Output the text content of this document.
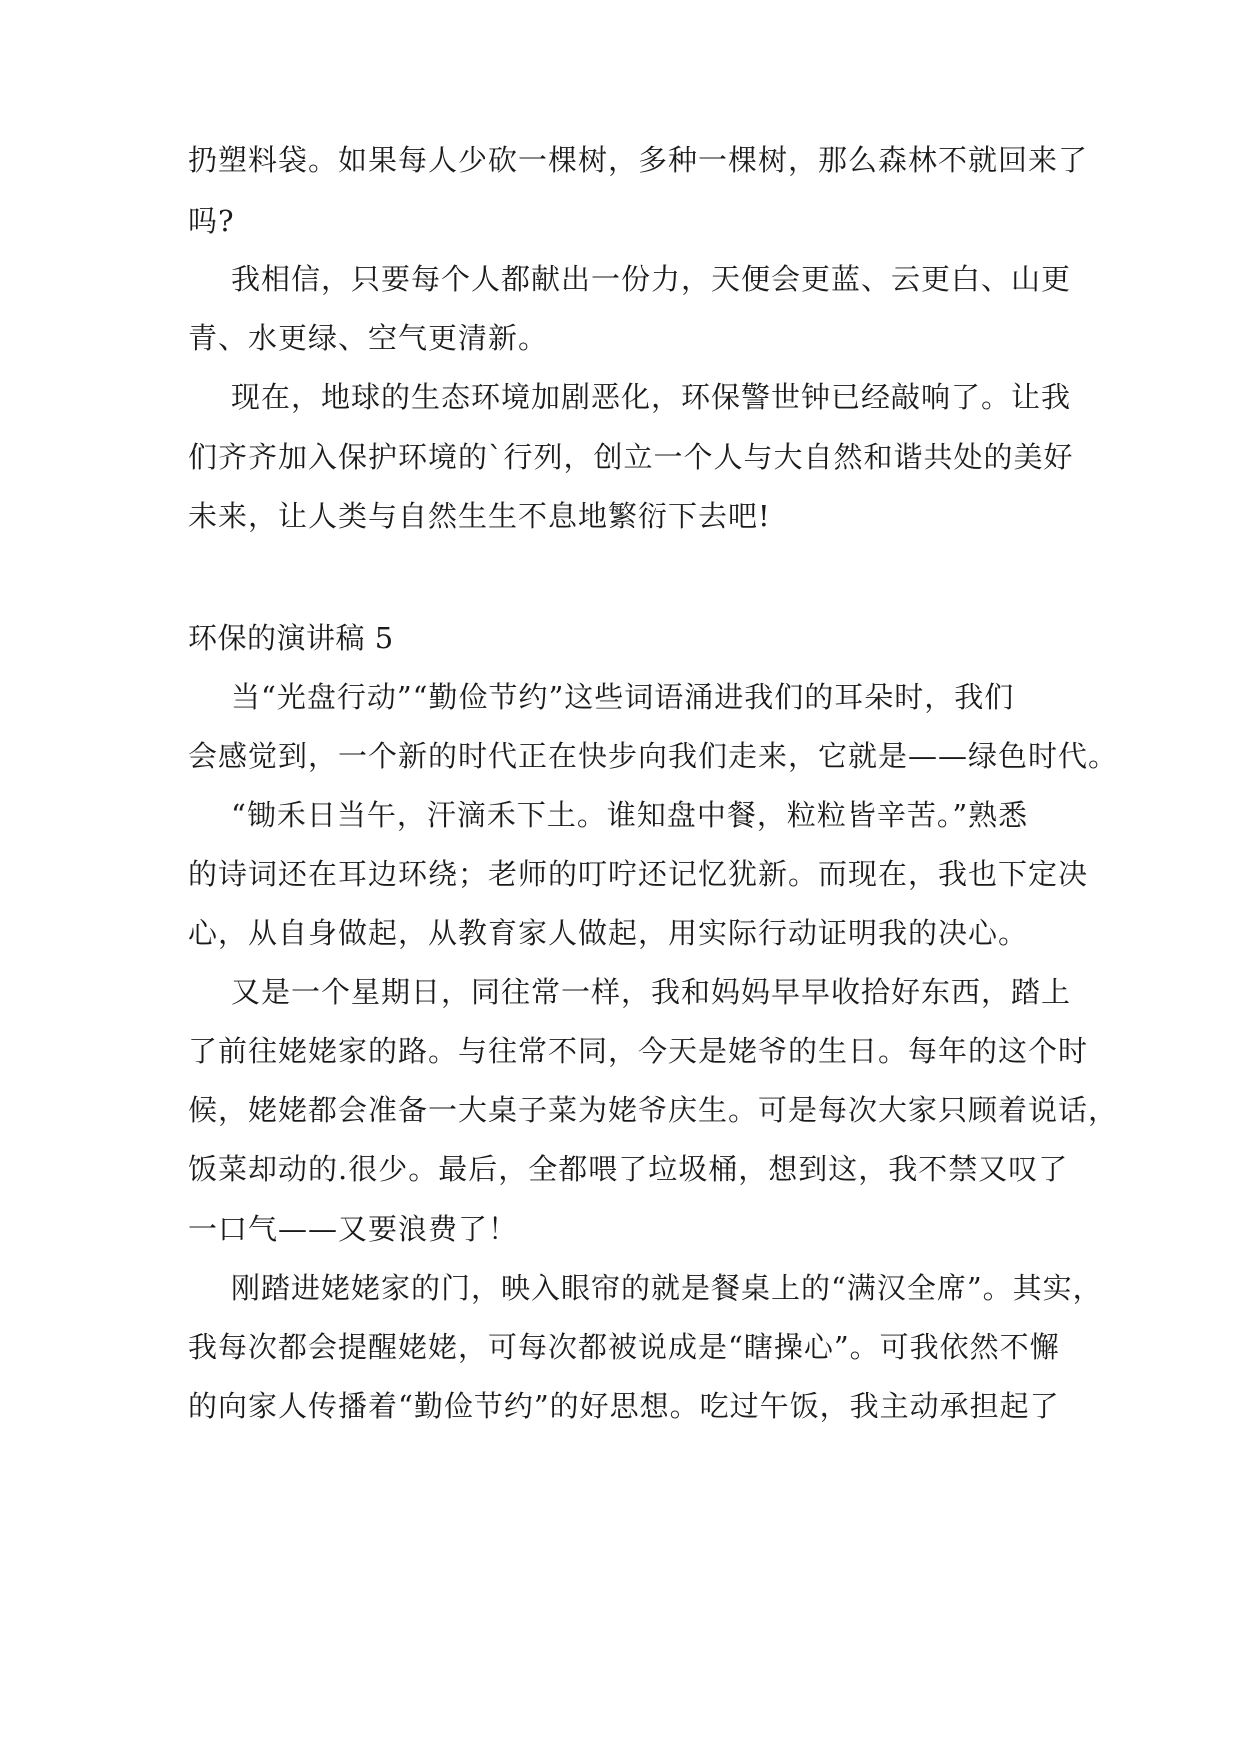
扔塑料袋。如果每人少砍一棵树，多种一棵树，那么森林不就回来了
吗?
我相信，只要每个人都献出一份力，天便会更蓝、云更白、山更
青、水更绿、空气更清新。
现在，地球的生态环境加剧恶化，环保警世钟已经敲响了。让我
们齐齐加入保护环境的`行列，创立一个人与大自然和谐共处的美好
未来，让人类与自然生生不息地繁衍下去吧!
环保的演讲稿 5
当“光盘行动”“勤俭节约”这些词语涌进我们的耳朵时，我们
会感觉到，一个新的时代正在快步向我们走来，它就是——绿色时代。
“锄禾日当午，汗滴禾下土。谁知盘中餐，粒粒皆辛苦。”熟悉
的诗词还在耳边环绕；老师的叮咛还记忆犹新。而现在，我也下定决
心，从自身做起，从教育家人做起，用实际行动证明我的决心。
又是一个星期日，同往常一样，我和妈妈早早收拾好东西，踏上
了前往姥姥家的路。与往常不同，今天是姥爷的生日。每年的这个时
候，姥姥都会准备一大桌子菜为姥爷庆生。可是每次大家只顾着说话，
饭菜却动的.很少。最后，全都喂了垃圾桶，想到这，我不禁又叹了
一口气——又要浪费了！
刚踏进姥姥家的门，映入眼帘的就是餐桌上的“满汉全席”。其实，
我每次都会提醒姥姥，可每次都被说成是“瞎操心”。可我依然不懈
的向家人传播着“勤俭节约”的好思想。吃过午饭，我主动承担起了
